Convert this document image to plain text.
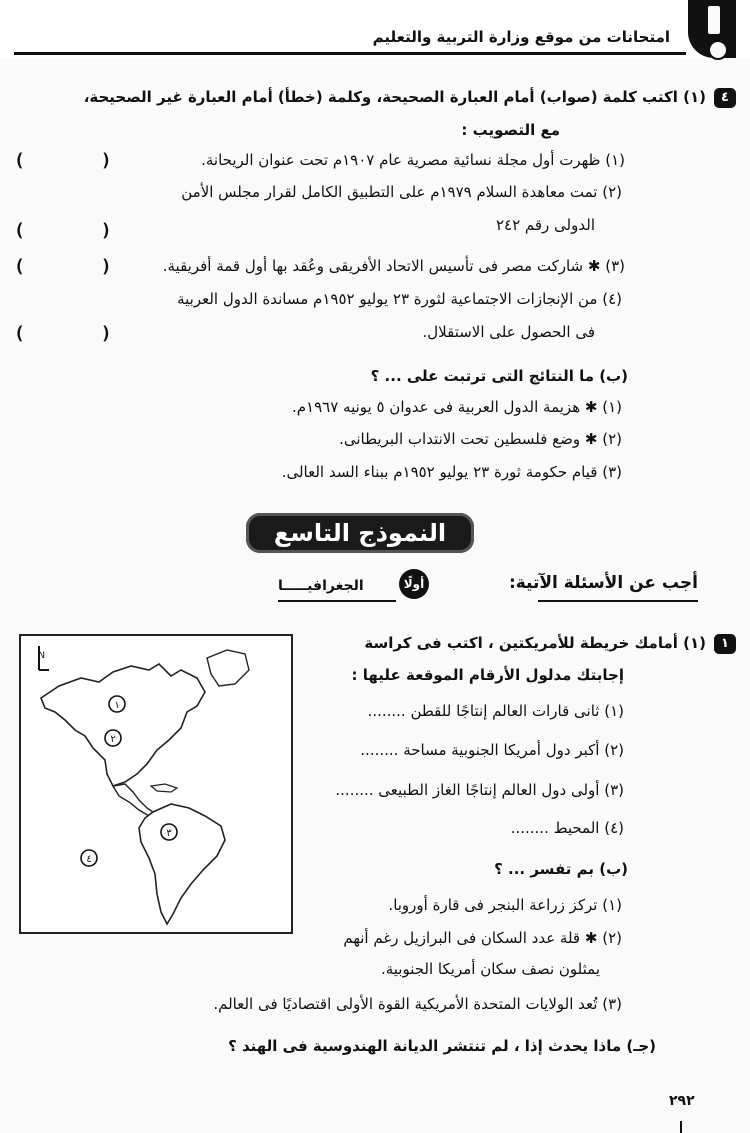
امتحانات من موقع وزارة التربية والتعليم
٤
(١) اكتب كلمة (صواب) أمام العبارة الصحيحة، وكلمة (خطأ) أمام العبارة غير الصحيحة،
مع التصويب :
(١) ظهرت أول مجلة نسائية مصرية عام ١٩٠٧م تحت عنوان الريحانة.
(       )
(٢) تمت معاهدة السلام ١٩٧٩م على التطبيق الكامل لقرار مجلس الأمن
الدولى رقم ٢٤٢
(       )
(٣) ✱ شاركت مصر فى تأسيس الاتحاد الأفريقى وعُقد بها أول قمة أفريقية.
(       )
(٤) من الإنجازات الاجتماعية لثورة ٢٣ يوليو ١٩٥٢م مساندة الدول العربية
فى الحصول على الاستقلال.
(       )
(ب) ما النتائج التى ترتبت على ... ؟
(١) ✱ هزيمة الدول العربية فى عدوان ٥ يونيه ١٩٦٧م.
(٢) ✱ وضع فلسطين تحت الانتداب البريطانى.
(٣) قيام حكومة ثورة ٢٣ يوليو ١٩٥٢م ببناء السد العالى.
النموذج التاسع
أجب عن الأسئلة الآتية:
أولًا
الجغرافيـــــا
١
(١) أمامك خريطة للأمريكتين ، اكتب فى كراسة
إجابتك مدلول الأرقام الموقعة عليها :
(١) ثانى قارات العالم إنتاجًا للقطن ........
(٢) أكبر دول أمريكا الجنوبية مساحة ........
(٣) أولى دول العالم إنتاجًا الغاز الطبيعى ........
(٤) المحيط ........
(ب) بم تفسر ... ؟
(١) تركز زراعة البنجر فى قارة أوروبا.
(٢) ✱ قلة عدد السكان فى البرازيل رغم أنهم
يمثلون نصف سكان أمريكا الجنوبية.
(٣) تُعد الولايات المتحدة الأمريكية القوة الأولى اقتصاديًا فى العالم.
(جـ) ماذا يحدث إذا ، لم تنتشر الديانة الهندوسية فى الهند ؟
N
١
٢
٣
٤
٢٩٢
